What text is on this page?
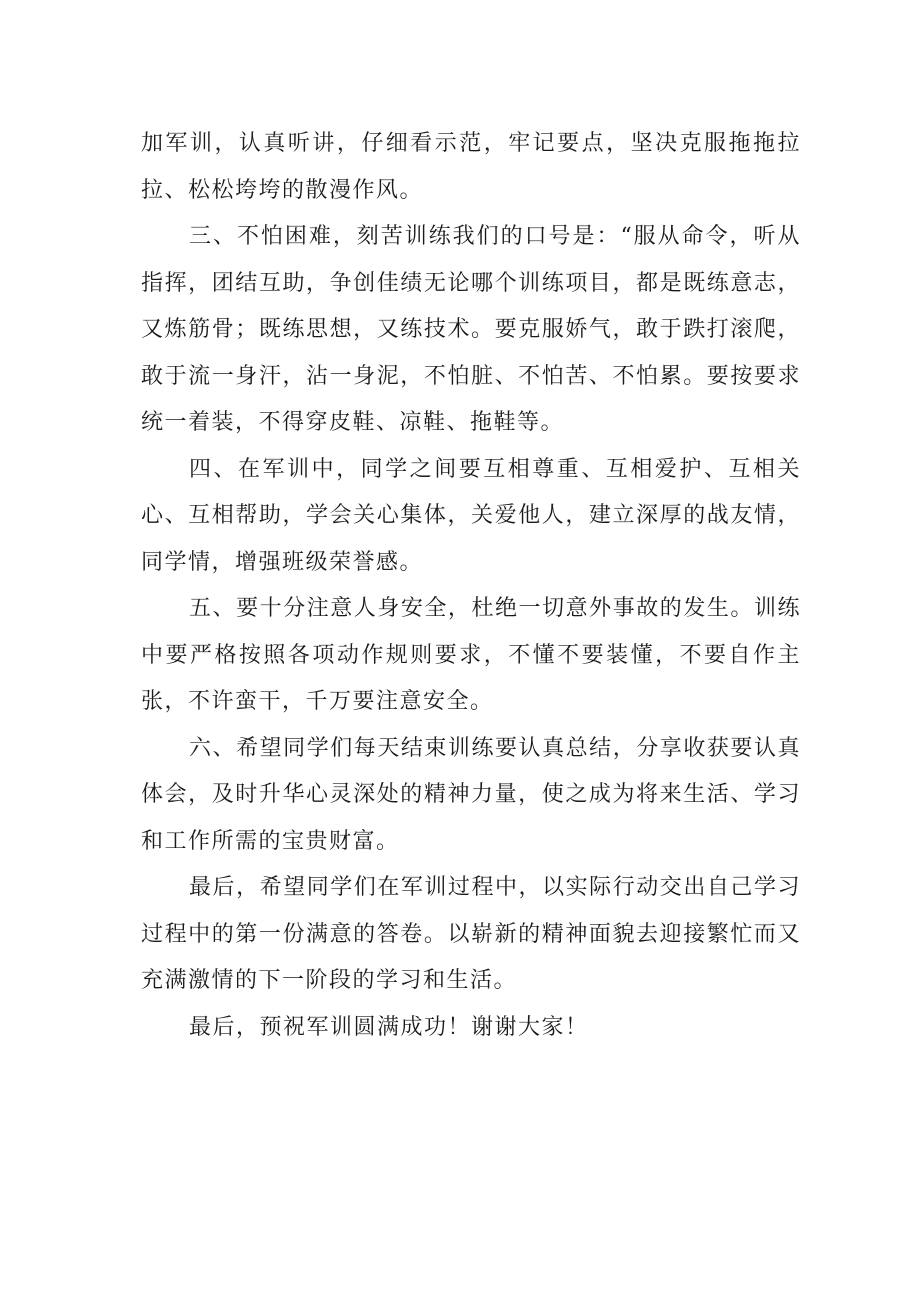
加军训，认真听讲，仔细看示范，牢记要点，坚决克服拖拖拉拉、松松垮垮的散漫作风。

三、不怕困难，刻苦训练我们的口号是：“服从命令，听从指挥，团结互助，争创佳绩无论哪个训练项目，都是既练意志，又炼筋骨；既练思想，又练技术。要克服娇气，敢于跌打滚爬，敢于流一身汗，沾一身泥，不怕脏、不怕苦、不怕累。要按要求统一着装，不得穿皮鞋、凉鞋、拖鞋等。

四、在军训中，同学之间要互相尊重、互相爱护、互相关心、互相帮助，学会关心集体，关爱他人，建立深厚的战友情，同学情，增强班级荣誉感。

五、要十分注意人身安全，杜绝一切意外事故的发生。训练中要严格按照各项动作规则要求，不懂不要装懂，不要自作主张，不许蛮干，千万要注意安全。

六、希望同学们每天结束训练要认真总结，分享收获要认真体会，及时升华心灵深处的精神力量，使之成为将来生活、学习和工作所需的宝贵财富。

最后，希望同学们在军训过程中，以实际行动交出自己学习过程中的第一份满意的答卷。以崭新的精神面貌去迎接繁忙而又充满激情的下一阶段的学习和生活。

最后，预祝军训圆满成功！谢谢大家！
